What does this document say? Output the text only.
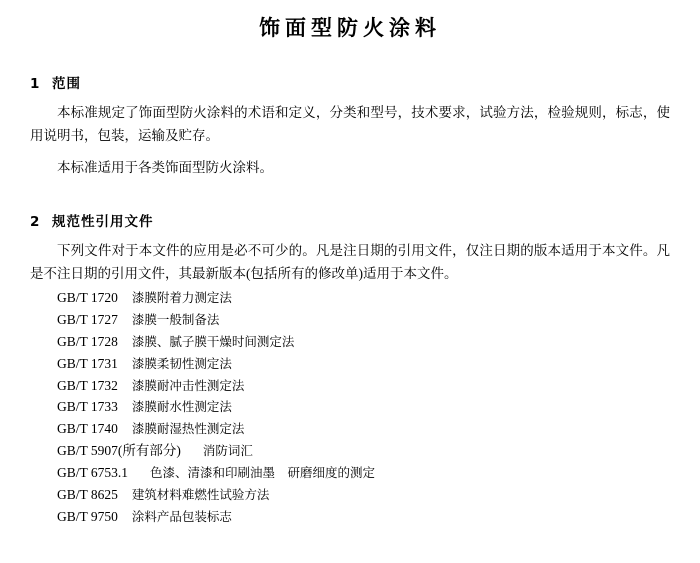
饰面型防火涂料
1 范围

本标准规定了饰面型防火涂料的术语和定义，分类和型号，技术要求，试验方法，检验规则，标志，使用说明书，包装，运输及贮存。

本标准适用于各类饰面型防火涂料。

2 规范性引用文件

下列文件对于本文件的应用是必不可少的。凡是注日期的引用文件，仅注日期的版本适用于本文件。凡是不注日期的引用文件，其最新版本(包括所有的修改单)适用于本文件。

GB/T 1720 漆膜附着力测定法
GB/T 1727 漆膜一般制备法
GB/T 1728 漆膜、腻子膜干燥时间测定法
GB/T 1731 漆膜柔韧性测定法
GB/T 1732 漆膜耐冲击性测定法
GB/T 1733 漆膜耐水性测定法
GB/T 1740 漆膜耐湿热性测定法
GB/T 5907(所有部分) 消防词汇
GB/T 6753.1 色漆、清漆和印刷油墨　研磨细度的测定
GB/T 8625 建筑材料难燃性试验方法
GB/T 9750 涂料产品包装标志
